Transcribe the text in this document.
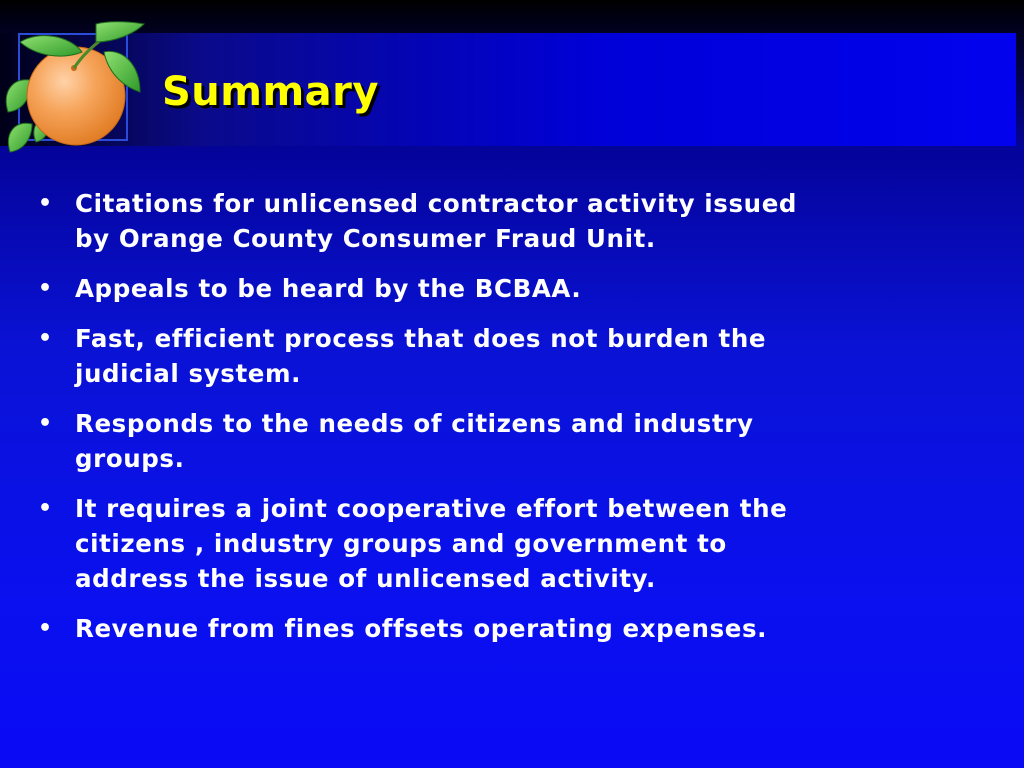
Summary
• Citations for unlicensed contractor activity issued
by Orange County Consumer Fraud Unit.
• Appeals to be heard by the BCBAA.
• Fast, efficient process that does not burden the
judicial system.
• Responds to the needs of citizens and industry
groups.
• It requires a joint cooperative effort between the
citizens , industry groups and government to
address the issue of unlicensed activity.
• Revenue from fines offsets operating expenses.
